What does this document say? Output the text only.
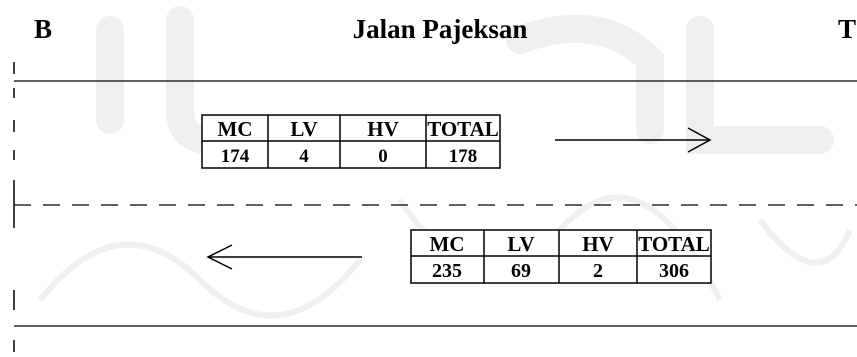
B	Jalan Pajeksan	T
MC LV HV TOTAL
174	4	0	178
MC LV HV TOTAL
235 69	2	306
